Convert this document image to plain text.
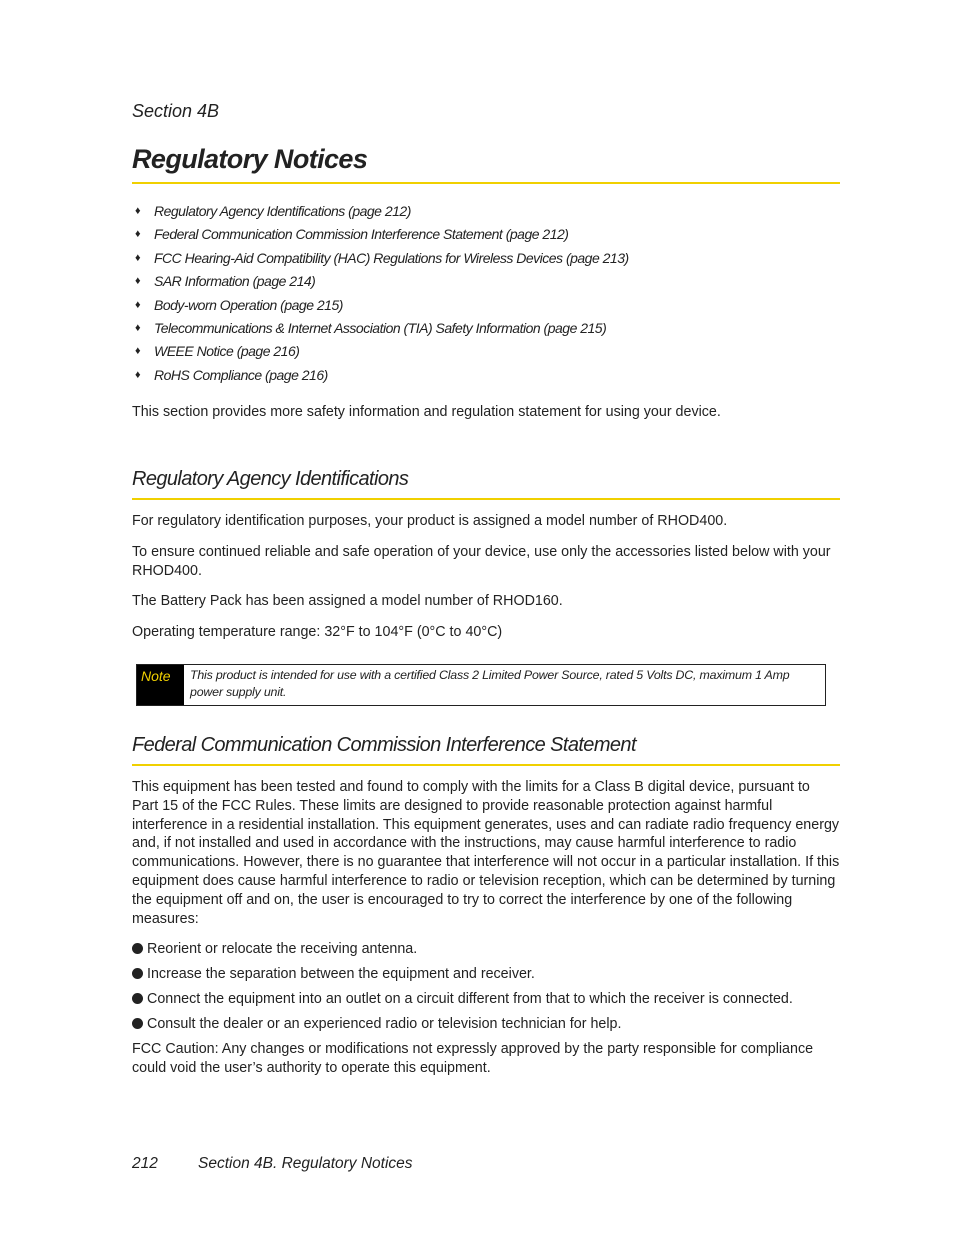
Section 4B

Regulatory Notices
♦ Regulatory Agency Identifications (page 212)
♦ Federal Communication Commission Interference Statement (page 212)
♦ FCC Hearing-Aid Compatibility (HAC) Regulations for Wireless Devices (page 213)
♦ SAR Information (page 214)
♦ Body-worn Operation (page 215)
♦ Telecommunications & Internet Association (TIA) Safety Information (page 215)
♦ WEEE Notice (page 216)
♦ RoHS Compliance (page 216)

This section provides more safety information and regulation statement for using your device.

Regulatory Agency Identifications

For regulatory identification purposes, your product is assigned a model number of RHOD400.

To ensure continued reliable and safe operation of your device, use only the accessories listed below with your RHOD400.

The Battery Pack has been assigned a model number of RHOD160.

Operating temperature range: 32°F to 104°F (0°C to 40°C)

Note	This product is intended for use with a certified Class 2 Limited Power Source, rated 5 Volts DC, maximum 1 Amp power supply unit.
Federal Communication Commission Interference Statement

This equipment has been tested and found to comply with the limits for a Class B digital device, pursuant to Part 15 of the FCC Rules. These limits are designed to provide reasonable protection against harmful interference in a residential installation. This equipment generates, uses and can radiate radio frequency energy and, if not installed and used in accordance with the instructions, may cause harmful interference to radio communications. However, there is no guarantee that interference will not occur in a particular installation. If this equipment does cause harmful interference to radio or television reception, which can be determined by turning the equipment off and on, the user is encouraged to try to correct the interference by one of the following measures:

Reorient or relocate the receiving antenna.
Increase the separation between the equipment and receiver.
Connect the equipment into an outlet on a circuit different from that to which the receiver is connected.
Consult the dealer or an experienced radio or television technician for help.

FCC Caution: Any changes or modifications not expressly approved by the party responsible for compliance could void the user’s authority to operate this equipment.

212	Section 4B. Regulatory Notices
